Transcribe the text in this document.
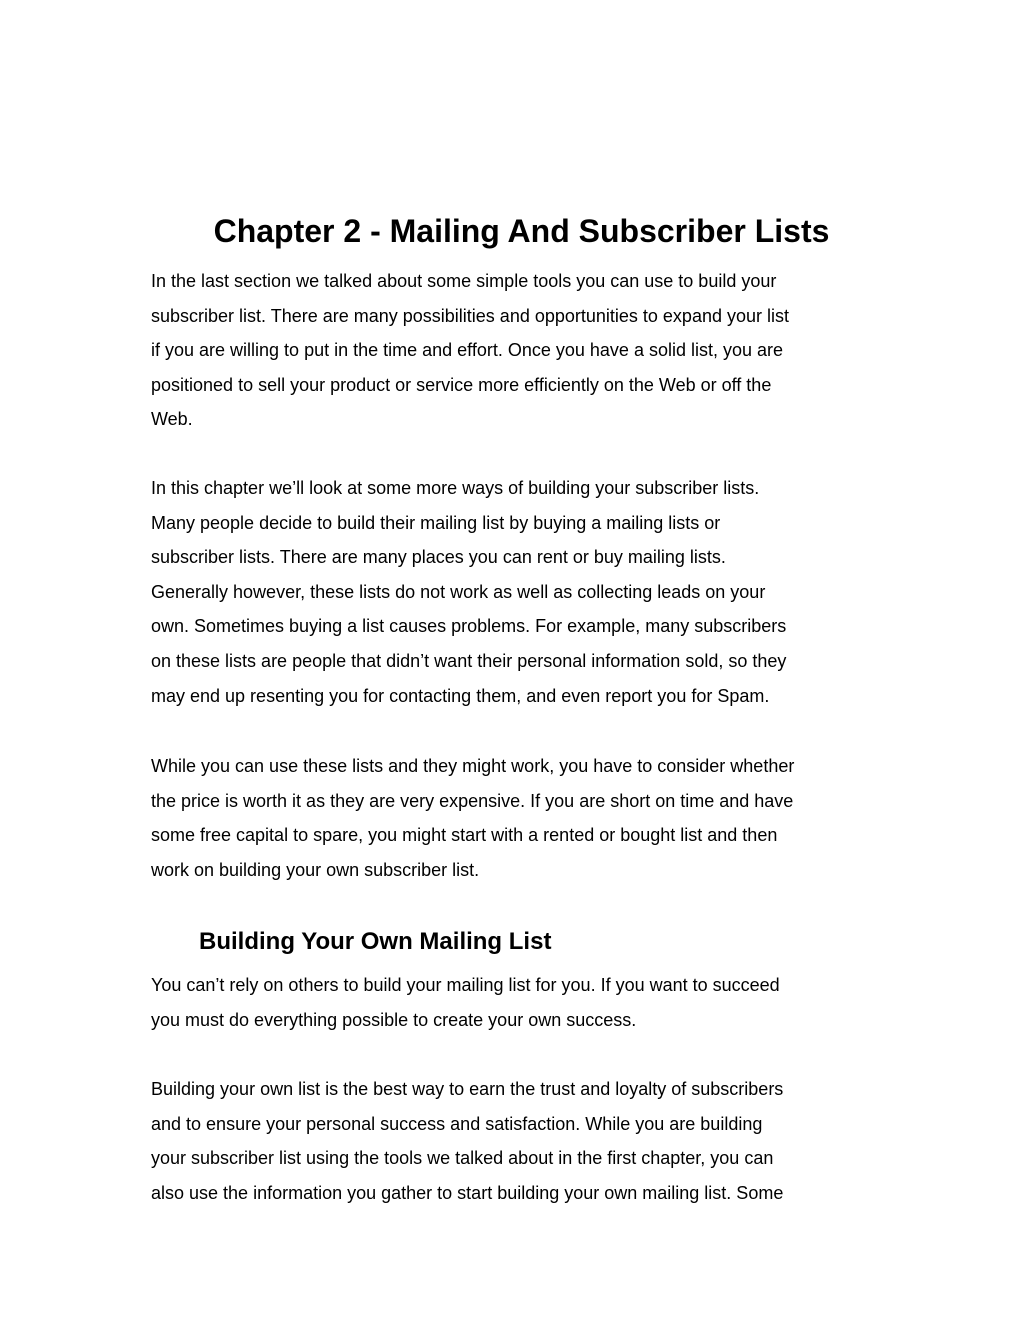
Chapter 2 - Mailing And Subscriber Lists

In the last section we talked about some simple tools you can use to build your
subscriber list. There are many possibilities and opportunities to expand your list
if you are willing to put in the time and effort. Once you have a solid list, you are
positioned to sell your product or service more efficiently on the Web or off the
Web.

In this chapter we’ll look at some more ways of building your subscriber lists.
Many people decide to build their mailing list by buying a mailing lists or
subscriber lists. There are many places you can rent or buy mailing lists.
Generally however, these lists do not work as well as collecting leads on your
own. Sometimes buying a list causes problems. For example, many subscribers
on these lists are people that didn’t want their personal information sold, so they
may end up resenting you for contacting them, and even report you for Spam.

While you can use these lists and they might work, you have to consider whether
the price is worth it as they are very expensive. If you are short on time and have
some free capital to spare, you might start with a rented or bought list and then
work on building your own subscriber list.

Building Your Own Mailing List

You can’t rely on others to build your mailing list for you. If you want to succeed
you must do everything possible to create your own success.

Building your own list is the best way to earn the trust and loyalty of subscribers
and to ensure your personal success and satisfaction. While you are building
your subscriber list using the tools we talked about in the first chapter, you can
also use the information you gather to start building your own mailing list. Some
